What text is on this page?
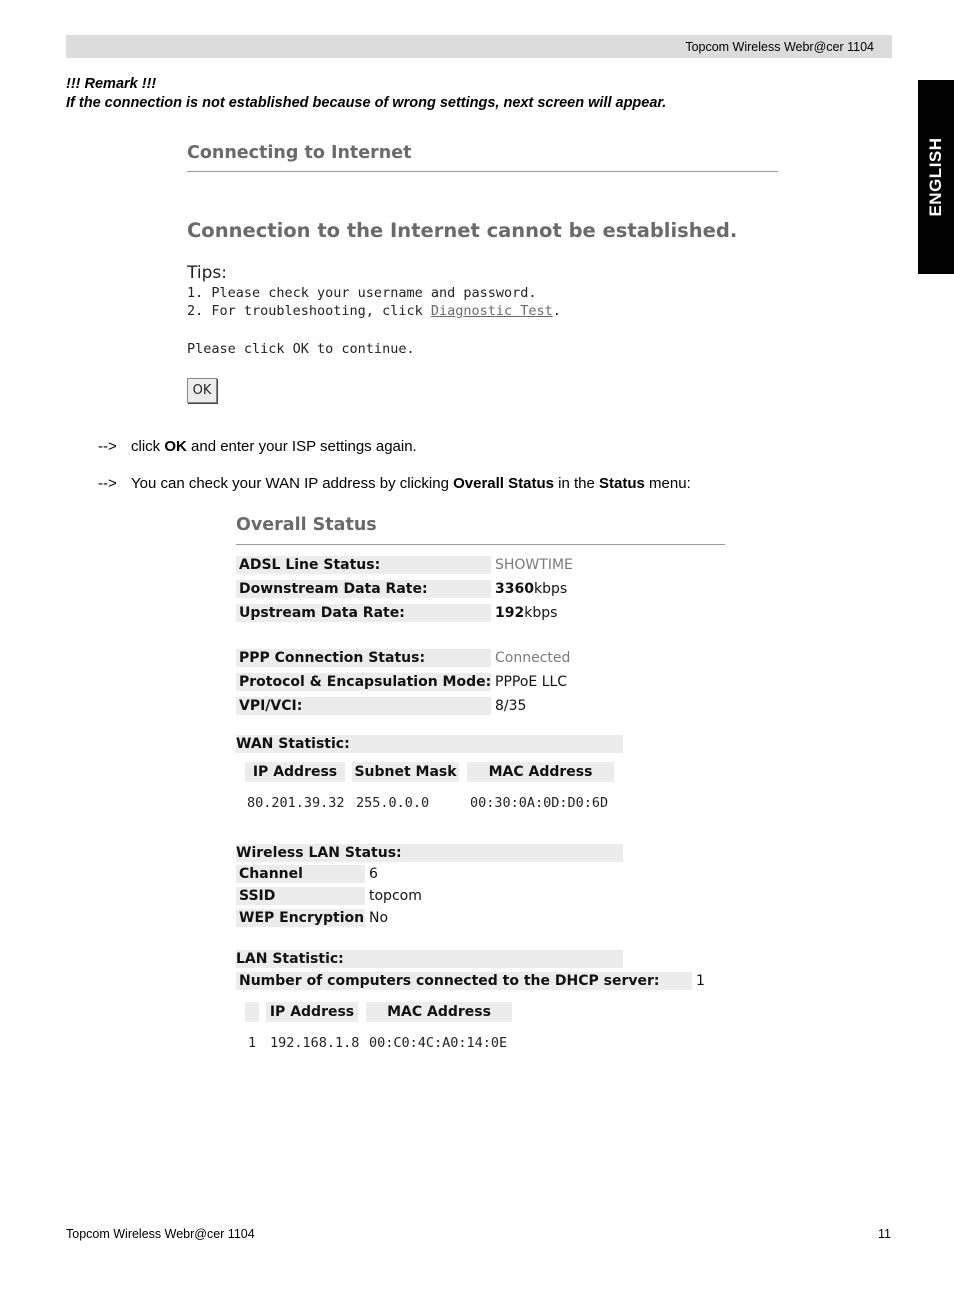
Topcom Wireless Webr@cer 1104
ENGLISH
!!! Remark !!!
If the connection is not established because of wrong settings, next screen will appear.
Connecting to Internet
Connection to the Internet cannot be established.
Tips:
1. Please check your username and password.
2. For troubleshooting, click Diagnostic Test.
Please click OK to continue.
OK
--> click OK and enter your ISP settings again.
--> You can check your WAN IP address by clicking Overall Status in the Status menu:
Overall Status
ADSL Line Status:	SHOWTIME
Downstream Data Rate:	3360kbps
Upstream Data Rate:	192kbps
PPP Connection Status:	Connected
Protocol & Encapsulation Mode: PPPoE LLC
VPI/VCI:	8/35
WAN Statistic:
IP Address	Subnet Mask	MAC Address
80.201.39.32 255.0.0.0	00:30:0A:0D:D0:6D
Wireless LAN Status:
Channel	6
SSID	topcom
WEP Encryption No
LAN Statistic:
Number of computers connected to the DHCP server:	1
IP Address	MAC Address
1 192.168.1.8 00:C0:4C:A0:14:0E
Topcom Wireless Webr@cer 1104	11
